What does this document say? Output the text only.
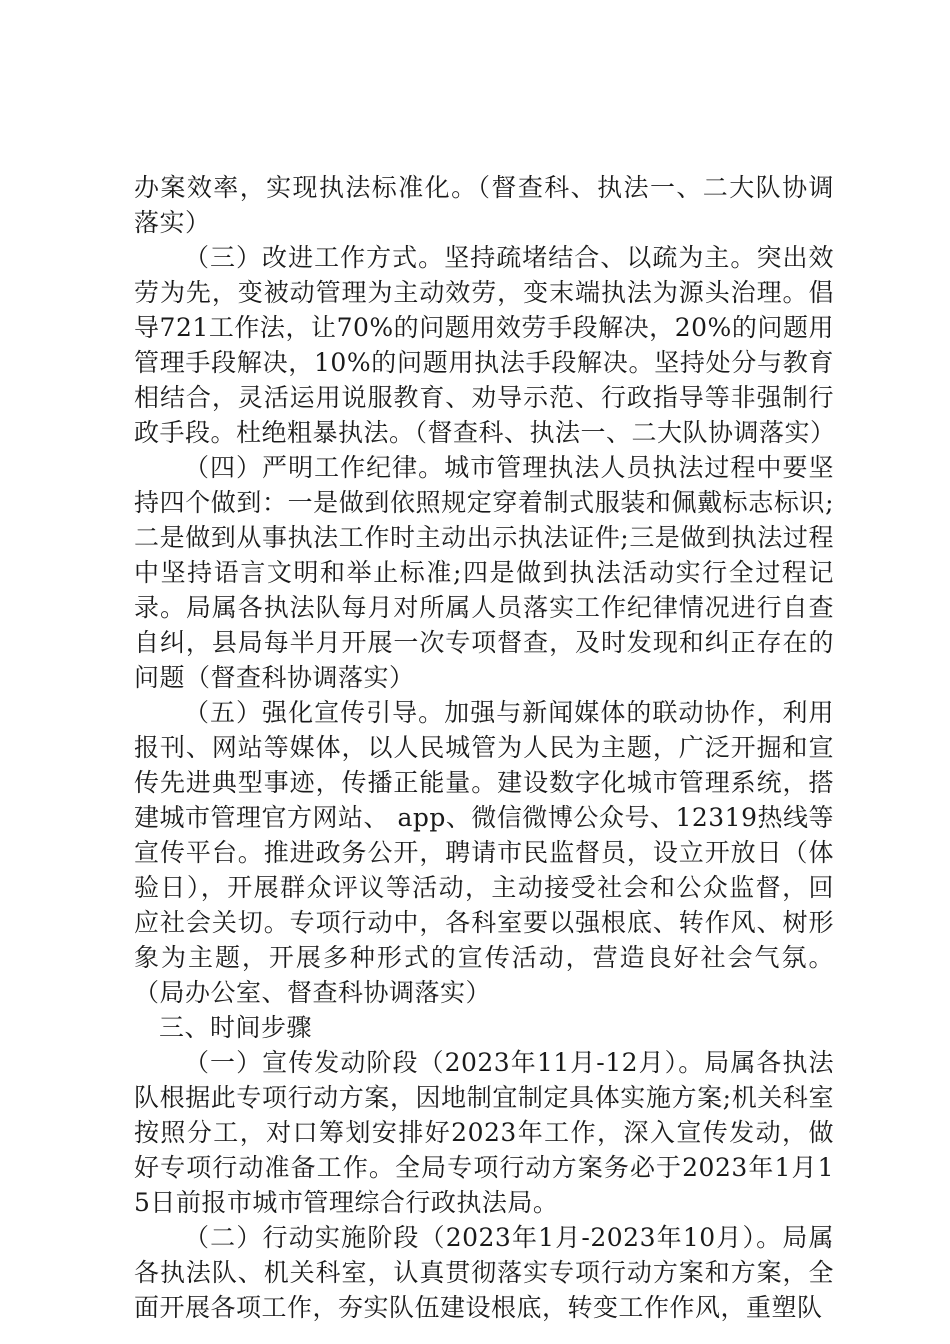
办案效率，实现执法标准化。（督查科、执法一、二大队协调落实）

（三）改进工作方式。坚持疏堵结合、以疏为主。突出效劳为先，变被动管理为主动效劳，变末端执法为源头治理。倡导721工作法，让70%的问题用效劳手段解决，20%的问题用管理手段解决，10%的问题用执法手段解决。坚持处分与教育相结合，灵活运用说服教育、劝导示范、行政指导等非强制行政手段。杜绝粗暴执法。（督查科、执法一、二大队协调落实）

（四）严明工作纪律。城市管理执法人员执法过程中要坚持四个做到：一是做到依照规定穿着制式服装和佩戴标志标识;二是做到从事执法工作时主动出示执法证件;三是做到执法过程中坚持语言文明和举止标准;四是做到执法活动实行全过程记录。局属各执法队每月对所属人员落实工作纪律情况进行自查自纠，县局每半月开展一次专项督查，及时发现和纠正存在的问题（督查科协调落实）

（五）强化宣传引导。加强与新闻媒体的联动协作，利用报刊、网站等媒体，以人民城管为人民为主题，广泛开掘和宣传先进典型事迹，传播正能量。建设数字化城市管理系统，搭建城市管理官方网站、 app、微信微博公众号、12319热线等宣传平台。推进政务公开，聘请市民监督员，设立开放日（体验日），开展群众评议等活动，主动接受社会和公众监督，回应社会关切。专项行动中，各科室要以强根底、转作风、树形象为主题，开展多种形式的宣传活动，营造良好社会气氛。（局办公室、督查科协调落实）

三、时间步骤

（一）宣传发动阶段（2023年11月-12月）。局属各执法队根据此专项行动方案，因地制宜制定具体实施方案;机关科室按照分工，对口筹划安排好2023年工作，深入宣传发动，做好专项行动准备工作。全局专项行动方案务必于2023年1月15日前报市城市管理综合行政执法局。

（二）行动实施阶段（2023年1月-2023年10月）。局属各执法队、机关科室，认真贯彻落实专项行动方案和方案，全面开展各项工作，夯实队伍建设根底，转变工作作风，重塑队
